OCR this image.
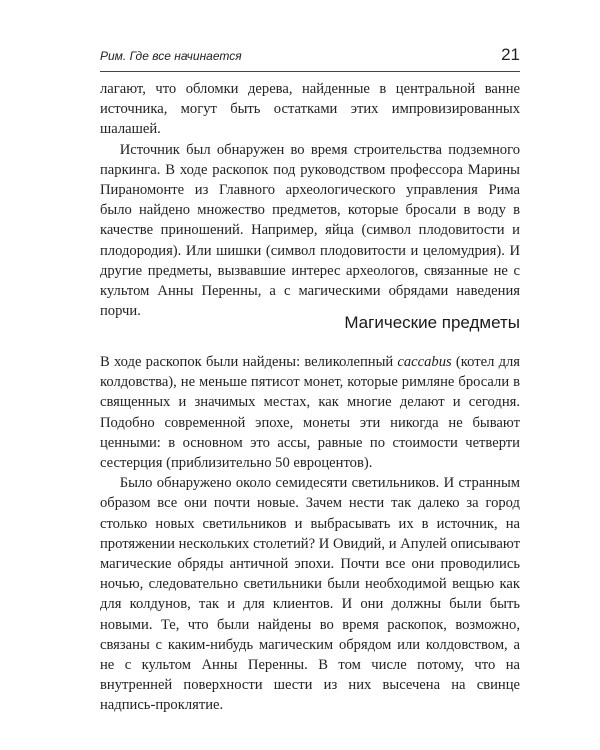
Рим. Где все начинается	21

лагают, что обломки дерева, найденные в центральной ванне источника, могут быть остатками этих импровизированных шалашей.

Источник был обнаружен во время строительства подземного паркинга. В ходе раскопок под руководством профессора Марины Пираномонте из Главного археологического управления Рима было найдено множество предметов, которые бросали в воду в качестве приношений. Например, яйца (символ плодовитости и плодородия). Или шишки (символ плодовитости и целомудрия). И другие предметы, вызвавшие интерес археологов, связанные не с культом Анны Перенны, а с магическими обрядами наведения порчи.

Магические предметы

В ходе раскопок были найдены: великолепный caccabus (котел для колдовства), не меньше пятисот монет, которые римляне бросали в священных и значимых местах, как многие делают и сегодня. Подобно современной эпохе, монеты эти никогда не бывают ценными: в основном это ассы, равные по стоимости четверти сестерция (приблизительно 50 евроцентов).

Было обнаружено около семидесяти светильников. И странным образом все они почти новые. Зачем нести так далеко за город столько новых светильников и выбрасывать их в источник, на протяжении нескольких столетий? И Овидий, и Апулей описывают магические обряды античной эпохи. Почти все они проводились ночью, следовательно светильники были необходимой вещью как для колдунов, так и для клиентов. И они должны были быть новыми. Те, что были найдены во время раскопок, возможно, связаны с каким-нибудь магическим обрядом или колдовством, а не с культом Анны Перенны. В том числе потому, что на внутренней поверхности шести из них высечена на свинце надпись-проклятие.
